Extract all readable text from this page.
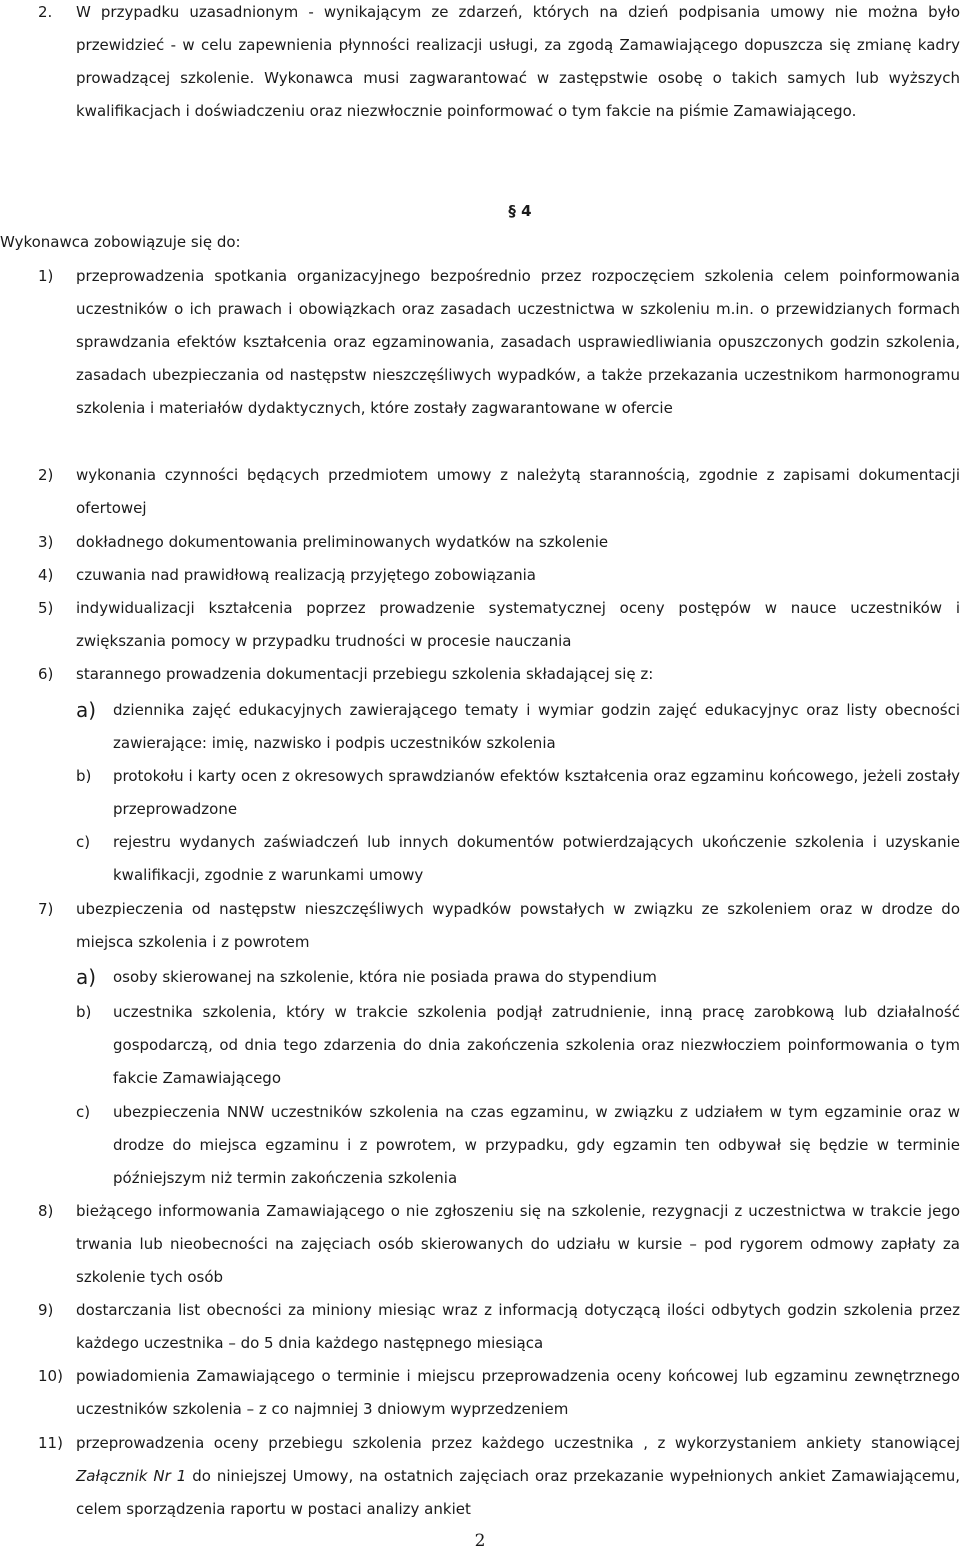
2. W przypadku uzasadnionym - wynikającym ze zdarzeń, których na dzień podpisania umowy nie można było przewidzieć - w celu zapewnienia płynności realizacji usługi, za zgodą Zamawiającego dopuszcza się zmianę kadry prowadzącej szkolenie. Wykonawca musi zagwarantować w zastępstwie osobę o takich samych lub wyższych kwalifikacjach i doświadczeniu oraz niezwłocznie poinformować o tym fakcie na piśmie Zamawiającego.
§ 4
Wykonawca zobowiązuje się do:
1) przeprowadzenia spotkania organizacyjnego bezpośrednio przez rozpoczęciem szkolenia celem poinformowania uczestników o ich prawach i obowiązkach oraz zasadach uczestnictwa w szkoleniu m.in. o przewidzianych formach sprawdzania efektów kształcenia oraz egzaminowania, zasadach usprawiedliwiania opuszczonych godzin szkolenia, zasadach ubezpieczania od następstw nieszczęśliwych wypadków, a także przekazania uczestnikom harmonogramu szkolenia i materiałów dydaktycznych, które zostały zagwarantowane w ofercie
2) wykonania czynności będących przedmiotem umowy z należytą starannością, zgodnie z zapisami dokumentacji ofertowej
3) dokładnego dokumentowania preliminowanych wydatków na szkolenie
4) czuwania nad prawidłową realizacją przyjętego zobowiązania
5) indywidualizacji kształcenia poprzez prowadzenie systematycznej oceny postępów w nauce uczestników i zwiększania pomocy w przypadku trudności w procesie nauczania
6) starannego prowadzenia dokumentacji przebiegu szkolenia składającej się z:
a) dziennika zajęć edukacyjnych zawierającego tematy i wymiar godzin zajęć edukacyjnyc oraz listy obecności zawierające: imię, nazwisko i podpis uczestników szkolenia
b) protokołu i karty ocen z okresowych sprawdzianów efektów kształcenia oraz egzaminu końcowego, jeżeli zostały przeprowadzone
c) rejestru wydanych zaświadczeń lub innych dokumentów potwierdzających ukończenie szkolenia i uzyskanie kwalifikacji, zgodnie z warunkami umowy
7) ubezpieczenia od następstw nieszczęśliwych wypadków powstałych w związku ze szkoleniem oraz w drodze do miejsca szkolenia i z powrotem
a) osoby skierowanej na szkolenie, która nie posiada prawa do stypendium
b) uczestnika szkolenia, który w trakcie szkolenia podjął zatrudnienie, inną pracę zarobkową lub działalność gospodarczą, od dnia tego zdarzenia do dnia zakończenia szkolenia oraz niezwłocziem poinformowania o tym fakcie Zamawiającego
c) ubezpieczenia NNW uczestników szkolenia na czas egzaminu, w związku z udziałem w tym egzaminie oraz w drodze do miejsca egzaminu i z powrotem, w przypadku, gdy egzamin ten odbywał się będzie w terminie późniejszym niż termin zakończenia szkolenia
8) bieżącego informowania Zamawiającego o nie zgłoszeniu się na szkolenie, rezygnacji z uczestnictwa w trakcie jego trwania lub nieobecności na zajęciach osób skierowanych do udziału w kursie – pod rygorem odmowy zapłaty za szkolenie tych osób
9) dostarczania list obecności za miniony miesiąc wraz z informacją dotyczącą ilości odbytych godzin szkolenia przez każdego uczestnika – do 5 dnia każdego następnego miesiąca
10) powiadomienia Zamawiającego o terminie i miejscu przeprowadzenia oceny końcowej lub egzaminu zewnętrznego uczestników szkolenia – z co najmniej 3 dniowym wyprzedzeniem
11) przeprowadzenia oceny przebiegu szkolenia przez każdego uczestnika , z wykorzystaniem ankiety stanowiącej Załącznik Nr 1 do niniejszej Umowy, na ostatnich zajęciach oraz przekazanie wypełnionych ankiet Zamawiającemu, celem sporządzenia raportu w postaci analizy ankiet
2
